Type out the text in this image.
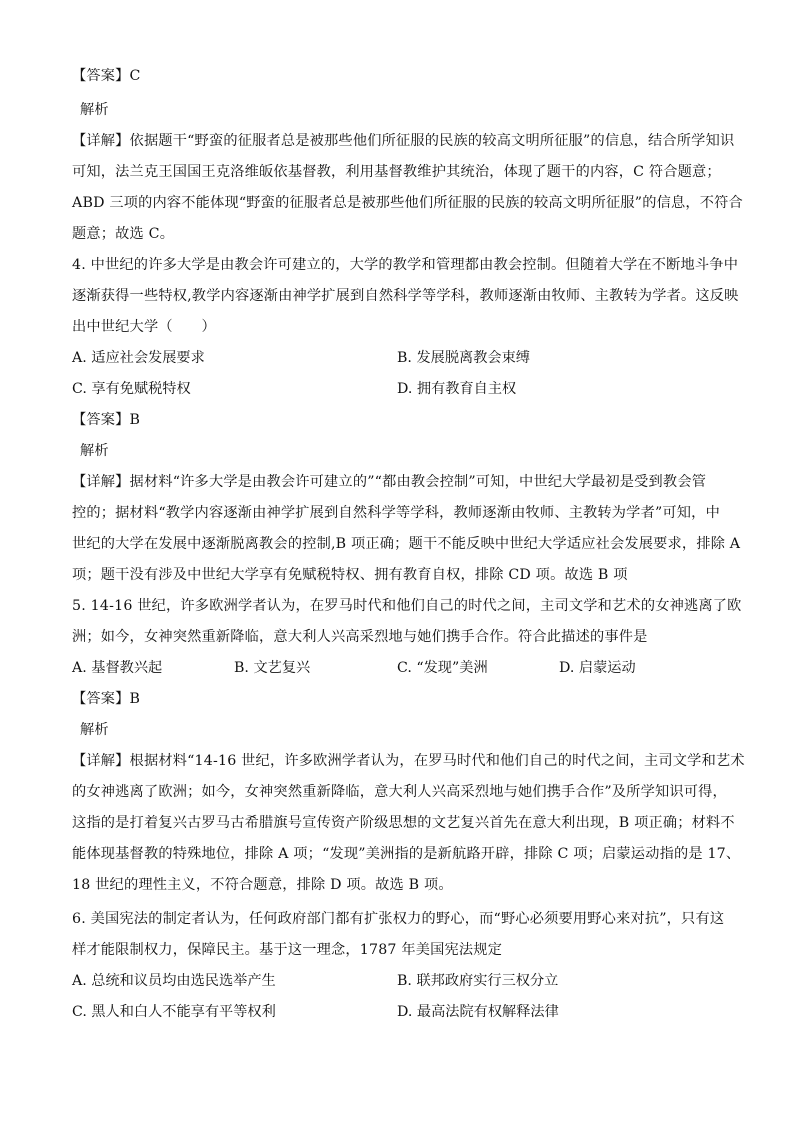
【答案】C
解析
【详解】依据题干“野蛮的征服者总是被那些他们所征服的民族的较高文明所征服”的信息，结合所学知识
可知，法兰克王国国王克洛维皈依基督教，利用基督教维护其统治，体现了题干的内容，C 符合题意；
ABD 三项的内容不能体现“野蛮的征服者总是被那些他们所征服的民族的较高文明所征服”的信息，不符合
题意；故选 C。
4. 中世纪的许多大学是由教会许可建立的，大学的教学和管理都由教会控制。但随着大学在不断地斗争中
逐渐获得一些特权,教学内容逐渐由神学扩展到自然科学等学科，教师逐渐由牧师、主教转为学者。这反映
出中世纪大学（　　）
A. 适应社会发展要求	B. 发展脱离教会束缚
C. 享有免赋税特权	D. 拥有教育自主权
【答案】B
解析
【详解】据材料“许多大学是由教会许可建立的”“都由教会控制”可知，中世纪大学最初是受到教会管
控的；据材料“教学内容逐渐由神学扩展到自然科学等学科，教师逐渐由牧师、主教转为学者”可知，中
世纪的大学在发展中逐渐脱离教会的控制,B 项正确；题干不能反映中世纪大学适应社会发展要求，排除 A
项；题干没有涉及中世纪大学享有免赋税特权、拥有教育自权，排除 CD 项。故选 B 项
5. 14-16 世纪，许多欧洲学者认为，在罗马时代和他们自己的时代之间，主司文学和艺术的女神逃离了欧
洲；如今，女神突然重新降临，意大利人兴高采烈地与她们携手合作。符合此描述的事件是
A. 基督教兴起	B. 文艺复兴	C. “发现”美洲	D. 启蒙运动
【答案】B
解析
【详解】根据材料“14-16 世纪，许多欧洲学者认为，在罗马时代和他们自己的时代之间，主司文学和艺术
的女神逃离了欧洲；如今，女神突然重新降临，意大利人兴高采烈地与她们携手合作”及所学知识可得，
这指的是打着复兴古罗马古希腊旗号宣传资产阶级思想的文艺复兴首先在意大利出现，B 项正确；材料不
能体现基督教的特殊地位，排除 A 项；“发现”美洲指的是新航路开辟，排除 C 项；启蒙运动指的是 17、
18 世纪的理性主义，不符合题意，排除 D 项。故选 B 项。
6. 美国宪法的制定者认为，任何政府部门都有扩张权力的野心，而“野心必须要用野心来对抗”，只有这
样才能限制权力，保障民主。基于这一理念，1787 年美国宪法规定
A. 总统和议员均由选民选举产生	B. 联邦政府实行三权分立
C. 黑人和白人不能享有平等权利	D. 最高法院有权解释法律
